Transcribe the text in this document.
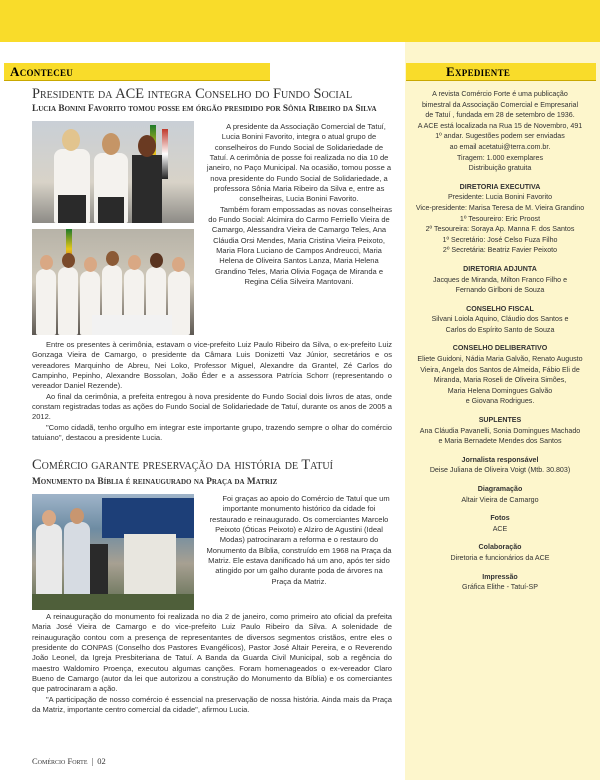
Aconteceu	Expediente
Presidente da ACE integra Conselho do Fundo Social
Lucia Bonini Favorito tomou posse em órgão presidido por Sônia Ribeiro da Silva

A presidente da Associação Comercial de Tatuí, Lucia Bonini Favorito, integra o atual grupo de conselheiros do Fundo Social de Solidariedade de Tatuí. A cerimônia de posse foi realizada no dia 10 de janeiro, no Paço Municipal. Na ocasião, tomou posse a nova presidente do Fundo Social de Solidariedade, a professora Sônia Maria Ribeiro da Silva e, entre as conselheiras, Lucia Bonini Favorito.

Também foram empossadas as novas conselheiras do Fundo Social: Alcimira do Carmo Ferriello Vieira de Camargo, Alessandra Vieira de Camargo Teles, Ana Cláudia Orsi Mendes, Maria Cristina Vieira Peixoto, Maria Flora Luciano de Campos Andreucci, Maria Helena de Oliveira Santos Lanza, Maria Helena Grandino Teles, Maria Olivia Fogaça de Miranda e Regina Célia Silveira Mantovani.

Entre os presentes à cerimônia, estavam o vice-prefeito Luiz Paulo Ribeiro da Silva, o ex-prefeito Luiz Gonzaga Vieira de Camargo, o presidente da Câmara Luis Donizetti Vaz Júnior, secretários e os vereadores Marquinho de Abreu, Nei Loko, Professor Miguel, Alexandre da Grantel, Zé Carlos do Campinho, Pepinho, Alexandre Bossolan, João Éder e a assessora Patrícia Schorr (representando o vereador Daniel Rezende).

Ao final da cerimônia, a prefeita entregou à nova presidente do Fundo Social dois livros de atas, onde constam registradas todas as ações do Fundo Social de Solidariedade de Tatuí, durante os anos de 2005 a 2012.

"Como cidadã, tenho orgulho em integrar este importante grupo, trazendo sempre o olhar do comércio tatuiano", destacou a presidente Lucia.

Comércio garante preservação da história de Tatuí
Monumento da Bíblia é reinaugurado na Praça da Matriz

Foi graças ao apoio do Comércio de Tatuí que um importante monumento histórico da cidade foi restaurado e reinaugurado. Os comerciantes Marcelo Peixoto (Óticas Peixoto) e Alziro de Agustini (Ideal Modas) patrocinaram a reforma e o restauro do Monumento da Bíblia, construído em 1968 na Praça da Matriz. Ele estava danificado há um ano, após ter sido atingido por um galho durante poda de árvores na Praça da Matriz.

A reinauguração do monumento foi realizada no dia 2 de janeiro, como primeiro ato oficial da prefeita Maria José Vieira de Camargo e do vice-prefeito Luiz Paulo Ribeiro da Silva. A solenidade de reinauguração contou com a presença de representantes de diversos segmentos cristãos, entre eles o presidente do CONPAS (Conselho dos Pastores Evangélicos), Pastor José Altair Pereira, e o Reverendo João Leonel, da Igreja Presbiteriana de Tatuí. A Banda da Guarda Civil Municipal, sob a regência do maestro Waldomiro Proença, executou algumas canções. Foram homenageados o ex-vereador Claro Bueno de Camargo (autor da lei que autorizou a construção do Monumento da Bíblia) e os comerciantes que patrocinaram a ação.

"A participação de nosso comércio é essencial na preservação de nossa história. Ainda mais da Praça da Matriz, importante centro comercial da cidade", afirmou Lucia.

A revista Comércio Forte é uma publicação
bimestral da Associação Comercial e Empresarial
de Tatuí , fundada em 28 de setembro de 1936.
A ACE está localizada na Rua 15 de Novembro, 491
1º andar. Sugestões podem ser enviadas
ao email acetatui@terra.com.br.
Tiragem: 1.000 exemplares
Distribuição gratuita
DIRETORIA EXECUTIVA
Presidente: Lucia Bonini Favorito
Vice-presidente: Marisa Teresa de M. Vieira Grandino
1º Tesoureiro: Eric Proost
2º Tesoureira: Soraya Ap. Manna F. dos Santos
1º Secretário: José Celso Fuza Filho
2º Secretária: Beatriz Favier Peixoto
DIRETORIA ADJUNTA
Jacques de Miranda, Milton Franco Filho e
Fernando Girlboni de Souza
CONSELHO FISCAL
Silvani Loiola Aquino, Cláudio dos Santos e
Carlos do Espírito Santo de Souza
CONSELHO DELIBERATIVO
Eliete Guidoni, Nádia Maria Galvão, Renato Augusto
Vieira, Angela dos Santos de Almeida, Fábio Eli de
Miranda, Maria Roseli de Oliveira Simões,
Maria Helena Domingues Galvão
e Giovana Rodrigues.
SUPLENTES
Ana Cláudia Pavanelli, Sonia Domingues Machado
e Maria Bernadete Mendes dos Santos
Jornalista responsável
Deise Juliana de Oliveira Voigt (Mtb. 30.803)
Diagramação
Altair Vieira de Camargo
Fotos
ACE
Colaboração
Diretoria e funcionários da ACE
Impressão
Gráfica Elithe - Tatuí-SP
Comércio Forte | 02
